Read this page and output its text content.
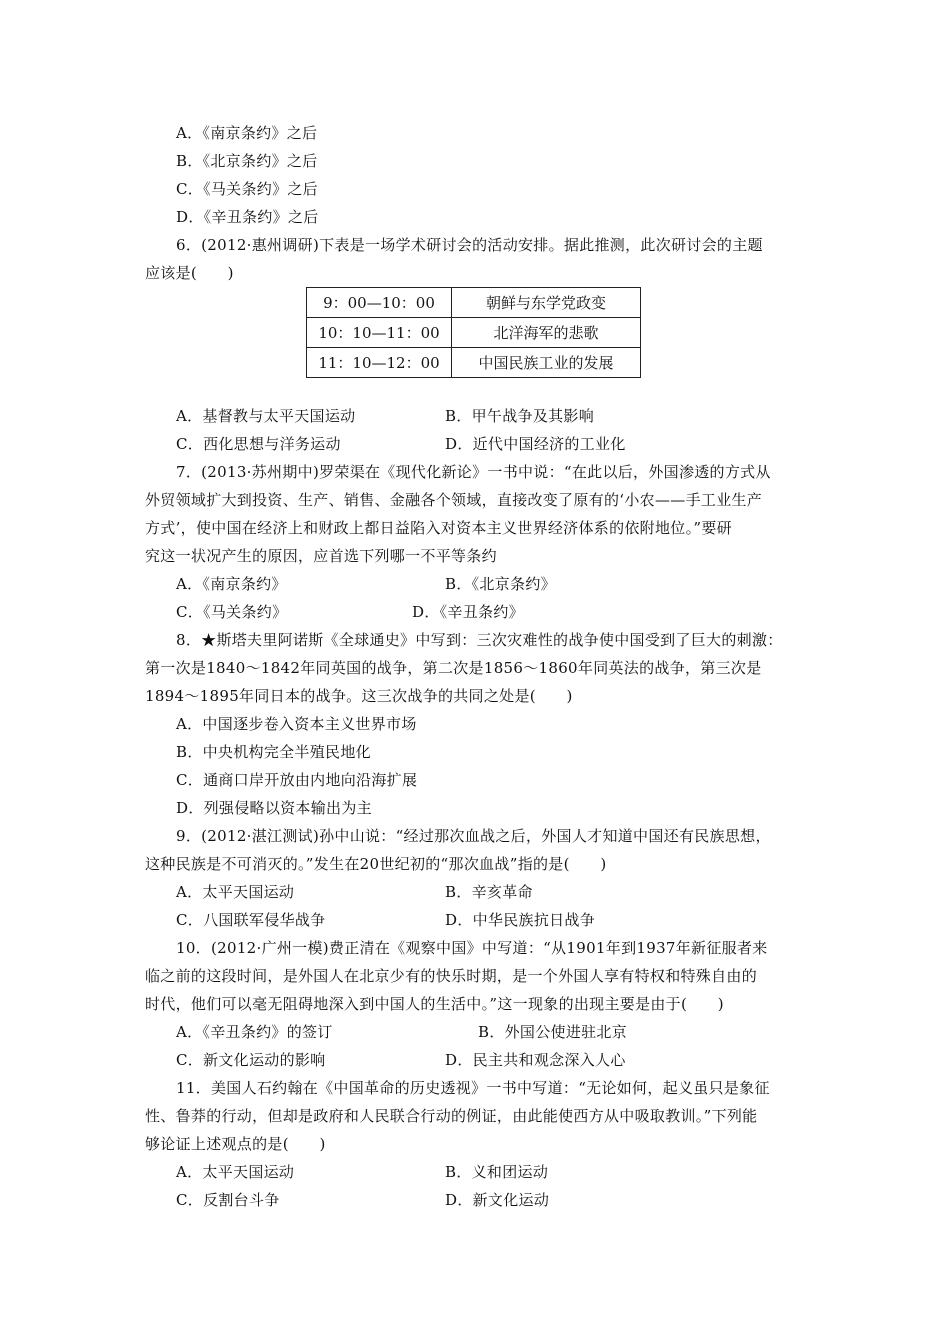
A．《南京条约》之后
B．《北京条约》之后
C．《马关条约》之后
D．《辛丑条约》之后
6．(2012·惠州调研)下表是一场学术研讨会的活动安排。据此推测，此次研讨会的主题
应该是(　　)
9：00—10：00	朝鲜与东学党政变
10：10—11：00	北洋海军的悲歌
11：10—12：00	中国民族工业的发展
A．基督教与太平天国运动	B．甲午战争及其影响
C．西化思想与洋务运动	D．近代中国经济的工业化
7．(2013·苏州期中)罗荣渠在《现代化新论》一书中说：“在此以后，外国渗透的方式从
外贸领域扩大到投资、生产、销售、金融各个领域，直接改变了原有的‘小农——手工业生产
方式’，使中国在经济上和财政上都日益陷入对资本主义世界经济体系的依附地位。”要研
究这一状况产生的原因，应首选下列哪一不平等条约
A．《南京条约》	B．《北京条约》
C．《马关条约》	D．《辛丑条约》
8．★斯塔夫里阿诺斯《全球通史》中写到：三次灾难性的战争使中国受到了巨大的刺激：
第一次是1840～1842年同英国的战争，第二次是1856～1860年同英法的战争，第三次是
1894～1895年同日本的战争。这三次战争的共同之处是(　　)
A．中国逐步卷入资本主义世界市场
B．中央机构完全半殖民地化
C．通商口岸开放由内地向沿海扩展
D．列强侵略以资本输出为主
9．(2012·湛江测试)孙中山说：“经过那次血战之后，外国人才知道中国还有民族思想，
这种民族是不可消灭的。”发生在20世纪初的“那次血战”指的是(　　)
A．太平天国运动	B．辛亥革命
C．八国联军侵华战争	D．中华民族抗日战争
10．(2012·广州一模)费正清在《观察中国》中写道：“从1901年到1937年新征服者来
临之前的这段时间，是外国人在北京少有的快乐时期，是一个外国人享有特权和特殊自由的
时代，他们可以毫无阻碍地深入到中国人的生活中。”这一现象的出现主要是由于(　　)
A．《辛丑条约》的签订	B．外国公使进驻北京
C．新文化运动的影响	D．民主共和观念深入人心
11．美国人石约翰在《中国革命的历史透视》一书中写道：“无论如何，起义虽只是象征
性、鲁莽的行动，但却是政府和人民联合行动的例证，由此能使西方从中吸取教训。”下列能
够论证上述观点的是(　　)
A．太平天国运动	B．义和团运动
C．反割台斗争	D．新文化运动
